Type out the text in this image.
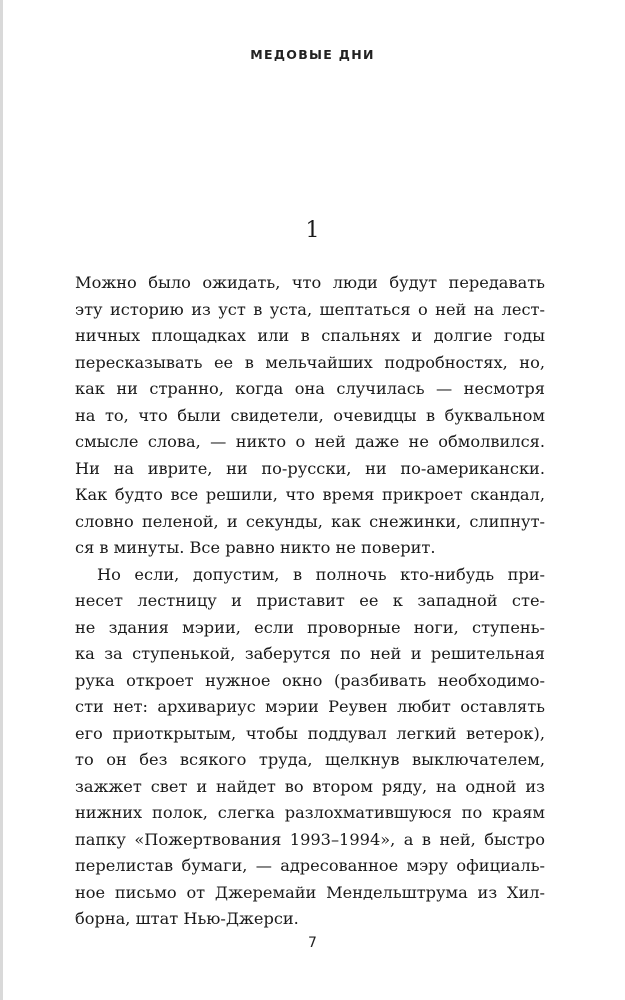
МЕДОВЫЕ ДНИ
1
Можно было ожидать, что люди будут передавать
эту историю из уст в уста, шептаться о ней на лест-
ничных площадках или в спальнях и долгие годы
пересказывать ее в мельчайших подробностях, но,
как ни странно, когда она случилась — несмотря
на то, что были свидетели, очевидцы в буквальном
смысле слова, — никто о ней даже не обмолвился.
Ни на иврите, ни по-русски, ни по-американски.
Как будто все решили, что время прикроет скандал,
словно пеленой, и секунды, как снежинки, слипнут-
ся в минуты. Все равно никто не поверит.
Но если, допустим, в полночь кто-нибудь при-
несет лестницу и приставит ее к западной сте-
не здания мэрии, если проворные ноги, ступень-
ка за ступенькой, заберутся по ней и решительная
рука откроет нужное окно (разбивать необходимо-
сти нет: архивариус мэрии Реувен любит оставлять
его приоткрытым, чтобы поддувал легкий ветерок),
то он без всякого труда, щелкнув выключателем,
зажжет свет и найдет во втором ряду, на одной из
нижних полок, слегка разлохматившуюся по краям
папку «Пожертвования 1993–1994», а в ней, быстро
перелистав бумаги, — адресованное мэру официаль-
ное письмо от Джеремайи Мендельштрума из Хил-
борна, штат Нью-Джерси.
7
